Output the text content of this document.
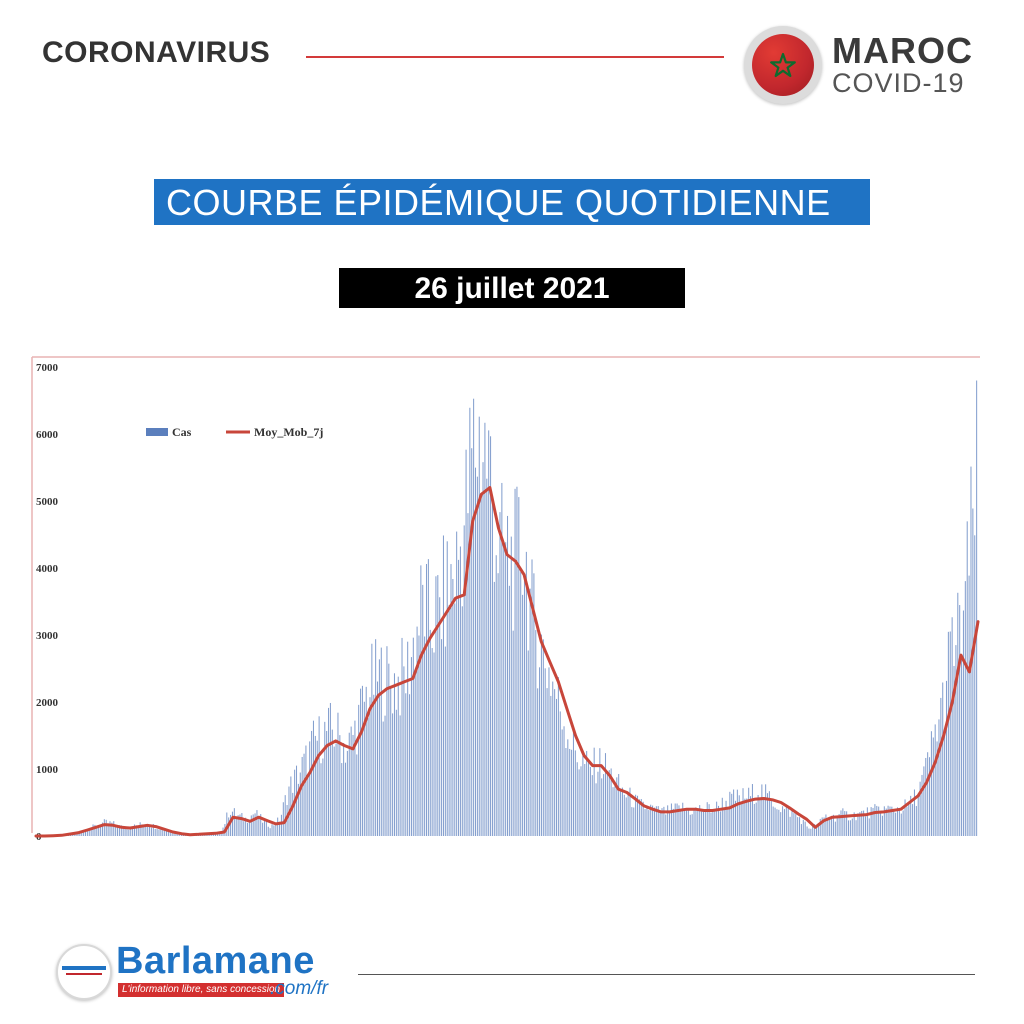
CORONAVIRUS	MAROC
COVID-19
COURBE ÉPIDÉMIQUE QUOTIDIENNE
26 juillet 2021
7000
6000
5000
4000
3000
2000
1000
0
Cas	Moy_Mob_7j
Barlamane
L'information libre, sans concession
.com/fr
